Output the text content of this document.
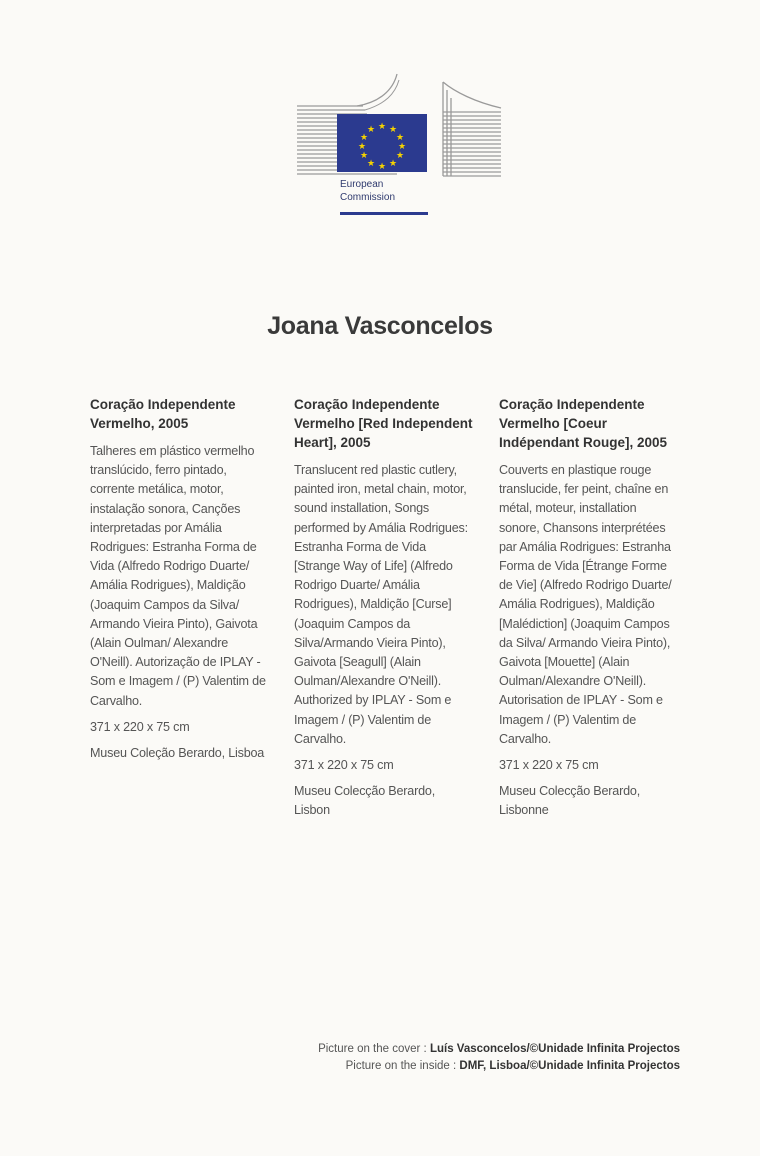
★ ★
★
★
★
★
★
★
★
★
★
★
European
Commission
Joana Vasconcelos
Coração Independente Vermelho, 2005

Talheres em plástico vermelho translúcido, ferro pintado, corrente metálica, motor, instalação sonora, Canções interpretadas por Amália Rodrigues: Estranha Forma de Vida (Alfredo Rodrigo Duarte/ Amália Rodrigues), Maldição (Joaquim Campos da Silva/ Armando Vieira Pinto), Gaivota (Alain Oulman/ Alexandre O'Neill). Autorização de IPLAY - Som e Imagem / (P) Valentim de Carvalho.

371 x 220 x 75 cm

Museu Coleção Berardo, Lisboa

Coração Independente Vermelho [Red Independent Heart], 2005

Translucent red plastic cutlery, painted iron, metal chain, motor, sound installation, Songs performed by Amália Rodrigues: Estranha Forma de Vida [Strange Way of Life] (Alfredo Rodrigo Duarte/ Amália Rodrigues), Maldição [Curse] (Joaquim Campos da Silva/Armando Vieira Pinto), Gaivota [Seagull] (Alain Oulman/Alexandre O'Neill). Authorized by IPLAY - Som e Imagem / (P) Valentim de Carvalho.

371 x 220 x 75 cm

Museu Colecção Berardo, Lisbon

Coração Independente Vermelho [Coeur Indépendant Rouge], 2005

Couverts en plastique rouge translucide, fer peint, chaîne en métal, moteur, installation sonore, Chansons interprétées par Amália Rodrigues: Estranha Forma de Vida [Étrange Forme de Vie] (Alfredo Rodrigo Duarte/ Amália Rodrigues), Maldição [Malédiction] (Joaquim Campos da Silva/ Armando Vieira Pinto), Gaivota [Mouette] (Alain Oulman/Alexandre O'Neill). Autorisation de IPLAY - Som e Imagem / (P) Valentim de Carvalho.

371 x 220 x 75 cm

Museu Colecção Berardo, Lisbonne

Picture on the cover : Luís Vasconcelos/©Unidade Infinita Projectos
Picture on the inside : DMF, Lisboa/©Unidade Infinita Projectos
